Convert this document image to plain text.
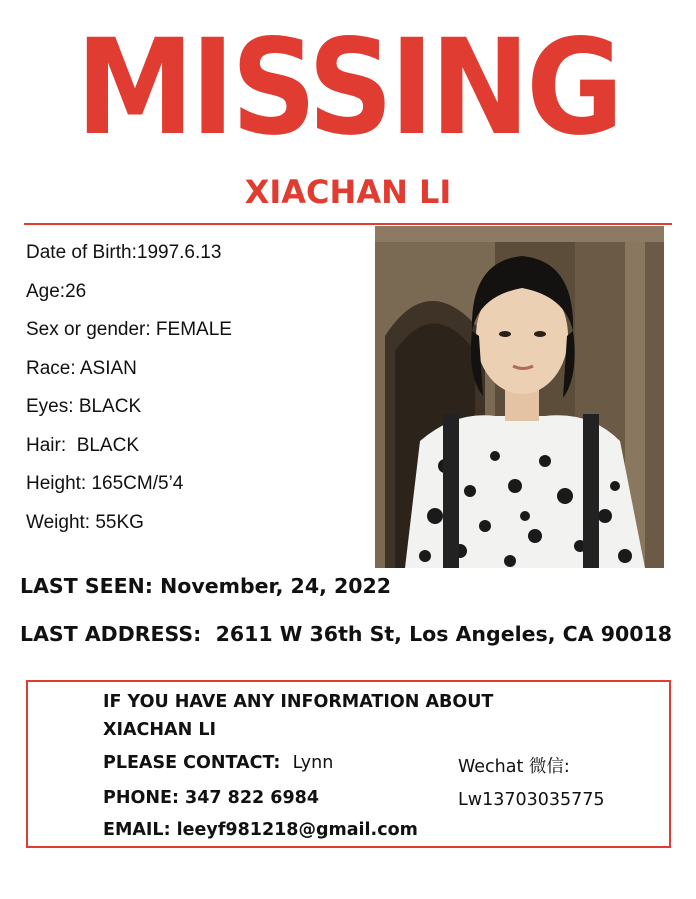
MISSING
XIACHAN LI
Date of Birth:1997.6.13
Age:26
Sex or gender: FEMALE
Race: ASIAN
Eyes: BLACK
Hair:  BLACK
Height: 165CM/5’4
Weight: 55KG
LAST SEEN: November, 24, 2022
LAST ADDRESS: 2611 W 36th St, Los Angeles, CA 90018
IF YOU HAVE ANY INFORMATION ABOUT
XIACHAN LI
PLEASE CONTACT: Lynn
PHONE: 347 822 6984
EMAIL: leeyf981218@gmail.com
Wechat 微信:
Lw13703035775
